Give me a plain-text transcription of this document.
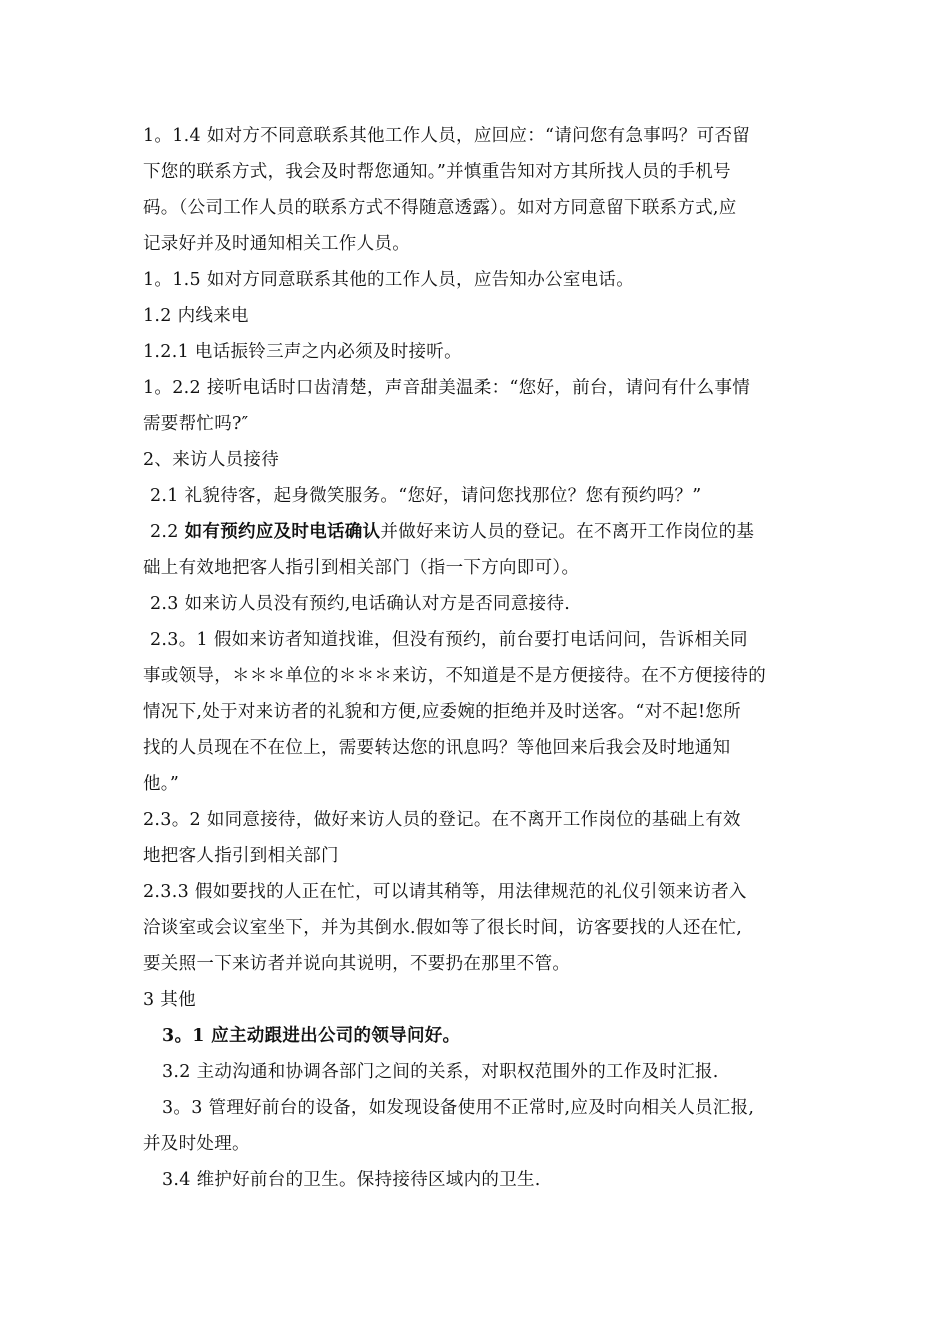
1。1.4 如对方不同意联系其他工作人员，应回应：“请问您有急事吗？可否留
下您的联系方式，我会及时帮您通知。”并慎重告知对方其所找人员的手机号
码。（公司工作人员的联系方式不得随意透露）。如对方同意留下联系方式,应
记录好并及时通知相关工作人员。
1。1.5 如对方同意联系其他的工作人员，应告知办公室电话。
1.2 内线来电
1.2.1 电话振铃三声之内必须及时接听。
1。2.2 接听电话时口齿清楚，声音甜美温柔：“您好，前台，请问有什么事情
需要帮忙吗?″
2、来访人员接待
2.1 礼貌待客，起身微笑服务。“您好，请问您找那位？您有预约吗？”
2.2 如有预约应及时电话确认并做好来访人员的登记。在不离开工作岗位的基
础上有效地把客人指引到相关部门（指一下方向即可）。
2.3 如来访人员没有预约,电话确认对方是否同意接待.
2.3。1 假如来访者知道找谁，但没有预约，前台要打电话问问，告诉相关同
事或领导，＊＊＊单位的＊＊＊来访，不知道是不是方便接待。在不方便接待的
情况下,处于对来访者的礼貌和方便,应委婉的拒绝并及时送客。“对不起!您所
找的人员现在不在位上，需要转达您的讯息吗？等他回来后我会及时地通知
他。”
2.3。2 如同意接待，做好来访人员的登记。在不离开工作岗位的基础上有效
地把客人指引到相关部门
2.3.3 假如要找的人正在忙，可以请其稍等，用法律规范的礼仪引领来访者入
洽谈室或会议室坐下，并为其倒水.假如等了很长时间，访客要找的人还在忙,
要关照一下来访者并说向其说明，不要扔在那里不管。
3 其他
3。1 应主动跟进出公司的领导问好。
3.2 主动沟通和协调各部门之间的关系，对职权范围外的工作及时汇报.
3。3 管理好前台的设备，如发现设备使用不正常时,应及时向相关人员汇报,
并及时处理。
3.4 维护好前台的卫生。保持接待区域内的卫生.
